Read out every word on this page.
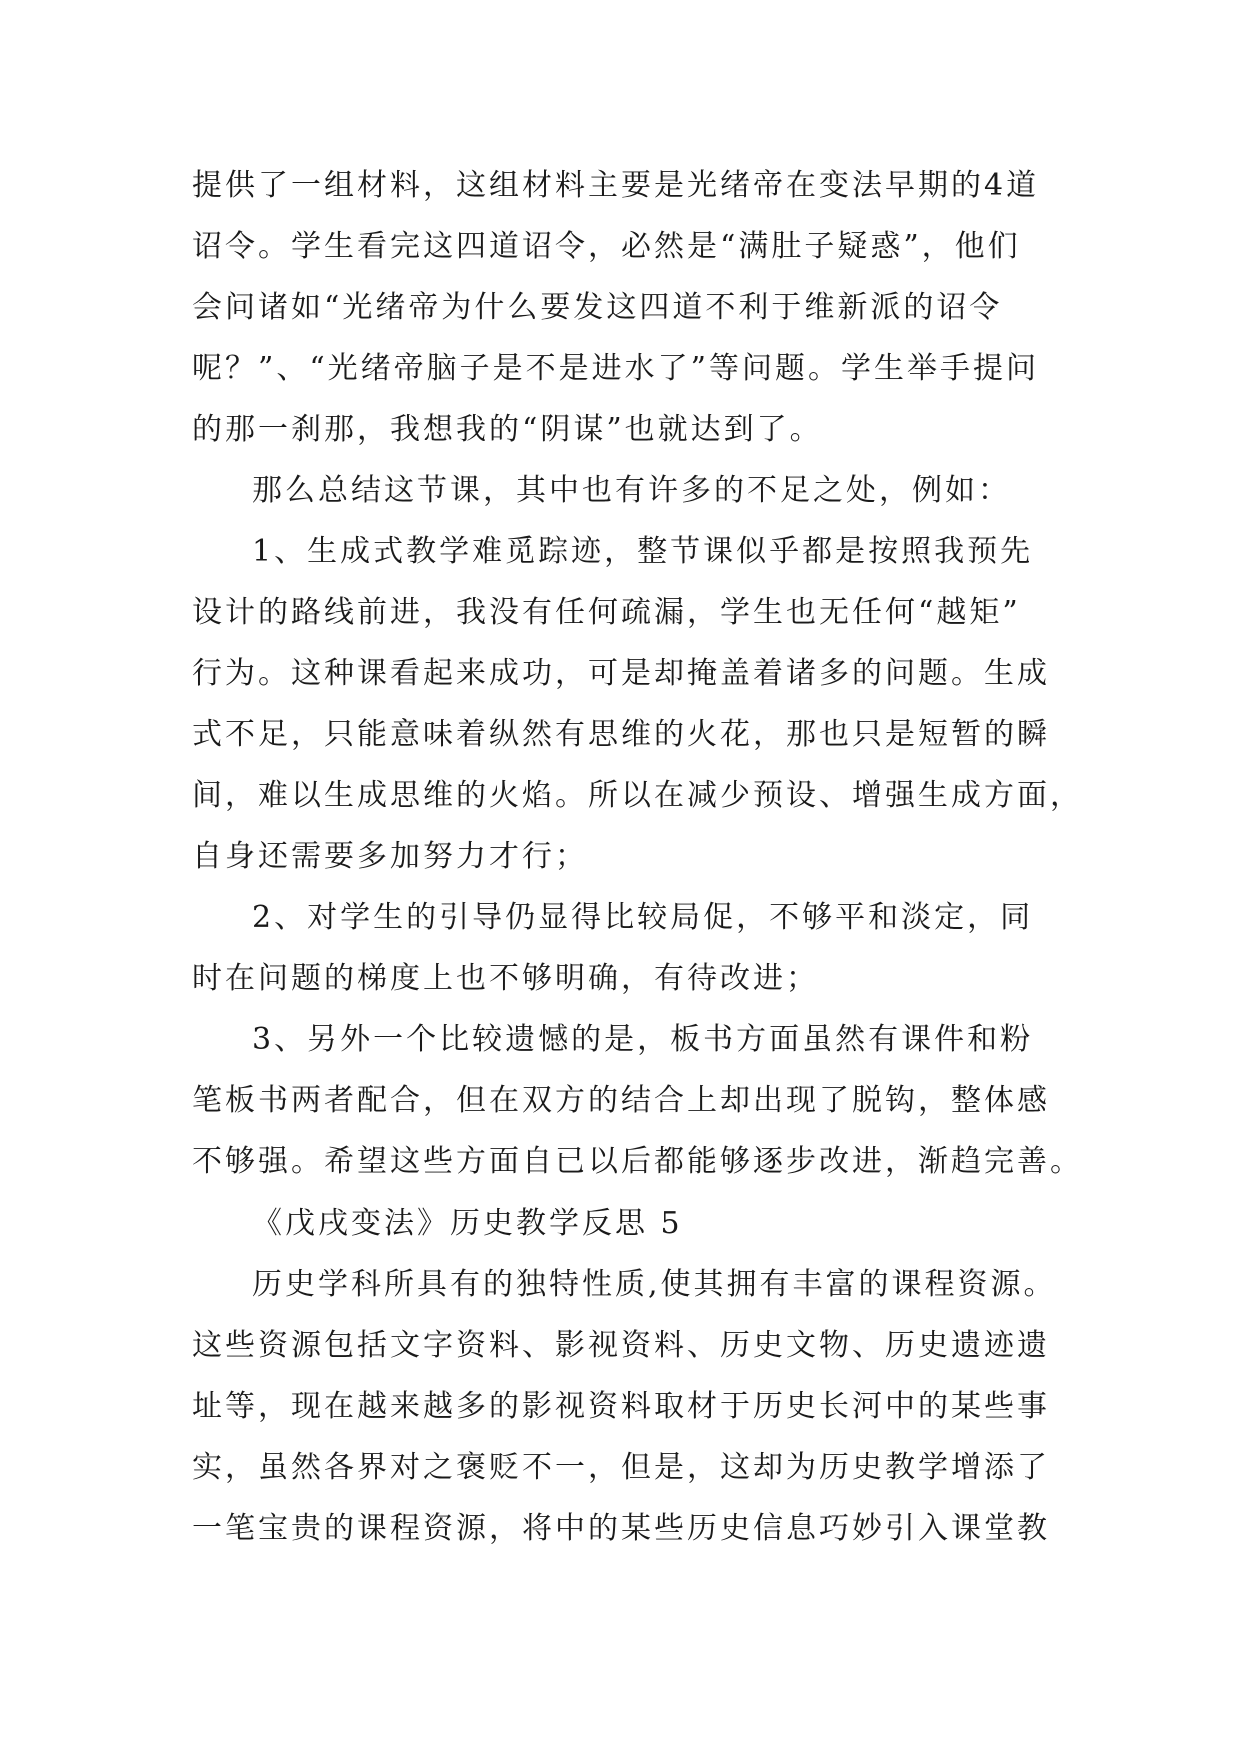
提供了一组材料，这组材料主要是光绪帝在变法早期的4道
诏令。学生看完这四道诏令，必然是“满肚子疑惑”，他们
会问诸如“光绪帝为什么要发这四道不利于维新派的诏令
呢？”、“光绪帝脑子是不是进水了”等问题。学生举手提问
的那一刹那，我想我的“阴谋”也就达到了。
那么总结这节课，其中也有许多的不足之处，例如：
1、生成式教学难觅踪迹，整节课似乎都是按照我预先
设计的路线前进，我没有任何疏漏，学生也无任何“越矩”
行为。这种课看起来成功，可是却掩盖着诸多的问题。生成
式不足，只能意味着纵然有思维的火花，那也只是短暂的瞬
间，难以生成思维的火焰。所以在减少预设、增强生成方面，
自身还需要多加努力才行；
2、对学生的引导仍显得比较局促，不够平和淡定，同
时在问题的梯度上也不够明确，有待改进；
3、另外一个比较遗憾的是，板书方面虽然有课件和粉
笔板书两者配合，但在双方的结合上却出现了脱钩，整体感
不够强。希望这些方面自已以后都能够逐步改进，渐趋完善。
《戊戌变法》历史教学反思 5
历史学科所具有的独特性质,使其拥有丰富的课程资源。
这些资源包括文字资料、影视资料、历史文物、历史遗迹遗
址等，现在越来越多的影视资料取材于历史长河中的某些事
实，虽然各界对之褒贬不一，但是，这却为历史教学增添了
一笔宝贵的课程资源，将中的某些历史信息巧妙引入课堂教
